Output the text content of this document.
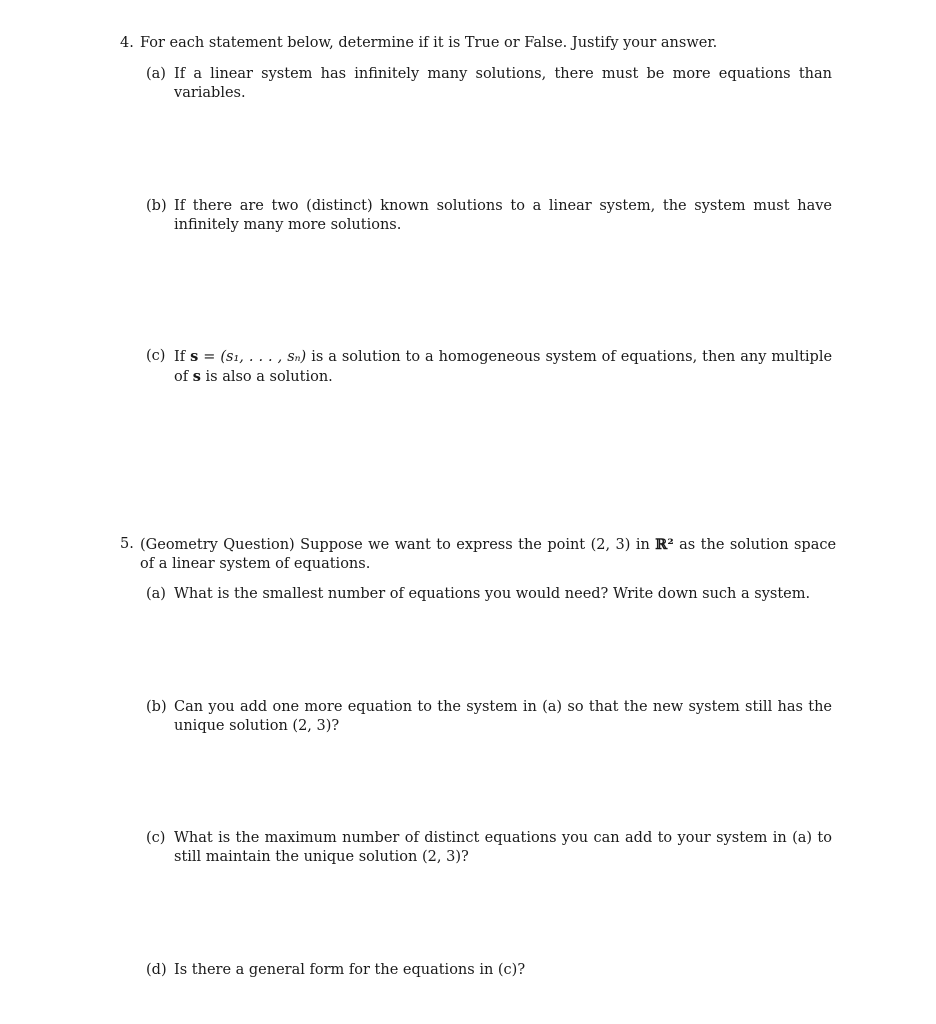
4. For each statement below, determine if it is True or False. Justify your answer.
(a) If a linear system has infinitely many solutions, there must be more equations than variables.
(b) If there are two (distinct) known solutions to a linear system, the system must have infinitely many more solutions.
(c) If s = (s₁, . . . , sₙ) is a solution to a homogeneous system of equations, then any multiple of s is also a solution.
5. (Geometry Question) Suppose we want to express the point (2, 3) in ℝ² as the solution space of a linear system of equations.
(a) What is the smallest number of equations you would need? Write down such a system.
(b) Can you add one more equation to the system in (a) so that the new system still has the unique solution (2, 3)?
(c) What is the maximum number of distinct equations you can add to your system in (a) to still maintain the unique solution (2, 3)?
(d) Is there a general form for the equations in (c)?
